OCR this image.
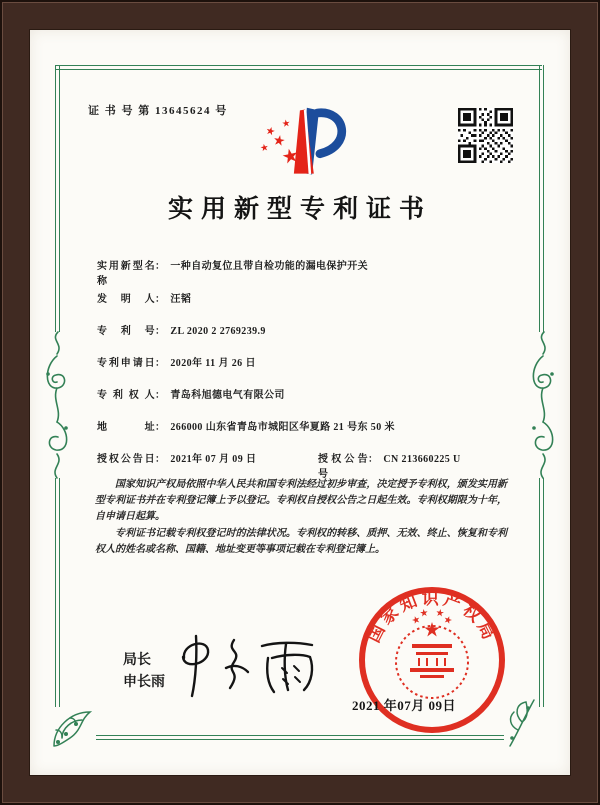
证 书 号 第 13645624 号
实用新型专利证书
实用新型名称
： 一种自动复位且带自检功能的漏电保护开关
发明人 ： 汪韬
专利号 ： ZL 2020 2 2769239.9
专利申请日 ： 2020年 11 月 26 日
专利权人 ： 青岛科旭德电气有限公司
地址 ： 266000 山东省青岛市城阳区华夏路 21 号东 50 米
授权公告日 ： 2021年 07 月 09 日	授权公告号
： CN 213660225 U

国家知识产权局依照中华人民共和国专利法经过初步审查，决定授予专利权，颁发实用新型专利证书并在专利登记簿上予以登记。专利权自授权公告之日起生效。专利权期限为十年，自申请日起算。

专利证书记载专利权登记时的法律状况。专利权的转移、质押、无效、终止、恢复和专利权人的姓名或名称、国籍、地址变更等事项记载在专利登记簿上。

局长
申长雨
国家知识产权局
2021 年07月 09日
